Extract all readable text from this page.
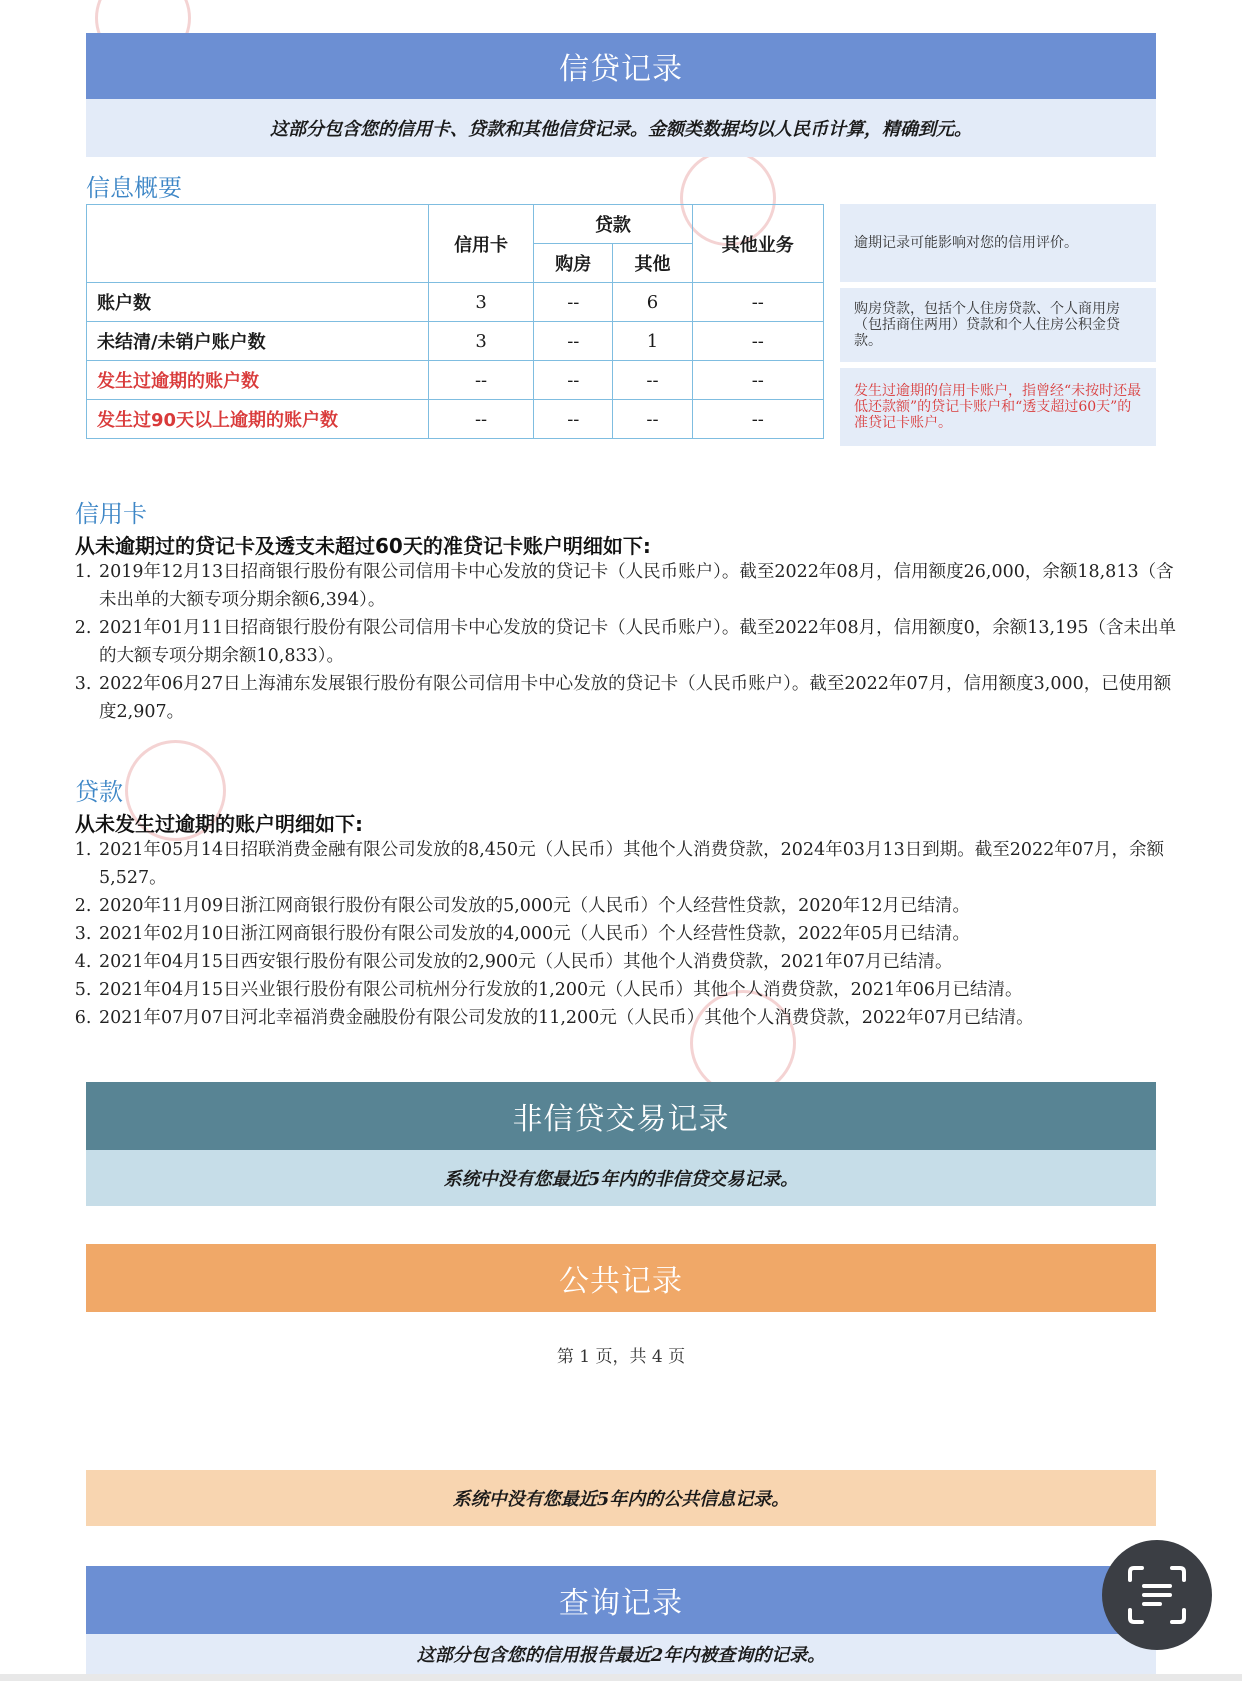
信贷记录
这部分包含您的信用卡、贷款和其他信贷记录。金额类数据均以人民币计算，精确到元。
信息概要
	信用卡	贷款		其他业务
		购房	其他	
账户数	3	--	6	--
未结清/未销户账户数	3	--	1	--
发生过逾期的账户数	--	--	--	--
发生过90天以上逾期的账户数	--	--	--	--
逾期记录可能影响对您的信用评价。
购房贷款，包括个人住房贷款、个人商用房（包括商住两用）贷款和个人住房公积金贷款。
发生过逾期的信用卡账户，指曾经“未按时还最低还款额”的贷记卡账户和“透支超过60天”的准贷记卡账户。
信用卡
从未逾期过的贷记卡及透支未超过60天的准贷记卡账户明细如下:
1. 2019年12月13日招商银行股份有限公司信用卡中心发放的贷记卡（人民币账户）。截至2022年08月，信用额度26,000，余额18,813（含未出单的大额专项分期余额6,394）。
2. 2021年01月11日招商银行股份有限公司信用卡中心发放的贷记卡（人民币账户）。截至2022年08月，信用额度0，余额13,195（含未出单的大额专项分期余额10,833）。
3. 2022年06月27日上海浦东发展银行股份有限公司信用卡中心发放的贷记卡（人民币账户）。截至2022年07月，信用额度3,000，已使用额度2,907。
贷款
从未发生过逾期的账户明细如下:
1. 2021年05月14日招联消费金融有限公司发放的8,450元（人民币）其他个人消费贷款，2024年03月13日到期。截至2022年07月，余额5,527。
2. 2020年11月09日浙江网商银行股份有限公司发放的5,000元（人民币）个人经营性贷款，2020年12月已结清。
3. 2021年02月10日浙江网商银行股份有限公司发放的4,000元（人民币）个人经营性贷款，2022年05月已结清。
4. 2021年04月15日西安银行股份有限公司发放的2,900元（人民币）其他个人消费贷款，2021年07月已结清。
5. 2021年04月15日兴业银行股份有限公司杭州分行发放的1,200元（人民币）其他个人消费贷款，2021年06月已结清。
6. 2021年07月07日河北幸福消费金融股份有限公司发放的11,200元（人民币）其他个人消费贷款，2022年07月已结清。
非信贷交易记录
系统中没有您最近5年内的非信贷交易记录。
公共记录
第 1 页，共 4 页
系统中没有您最近5年内的公共信息记录。
查询记录
这部分包含您的信用报告最近2年内被查询的记录。
